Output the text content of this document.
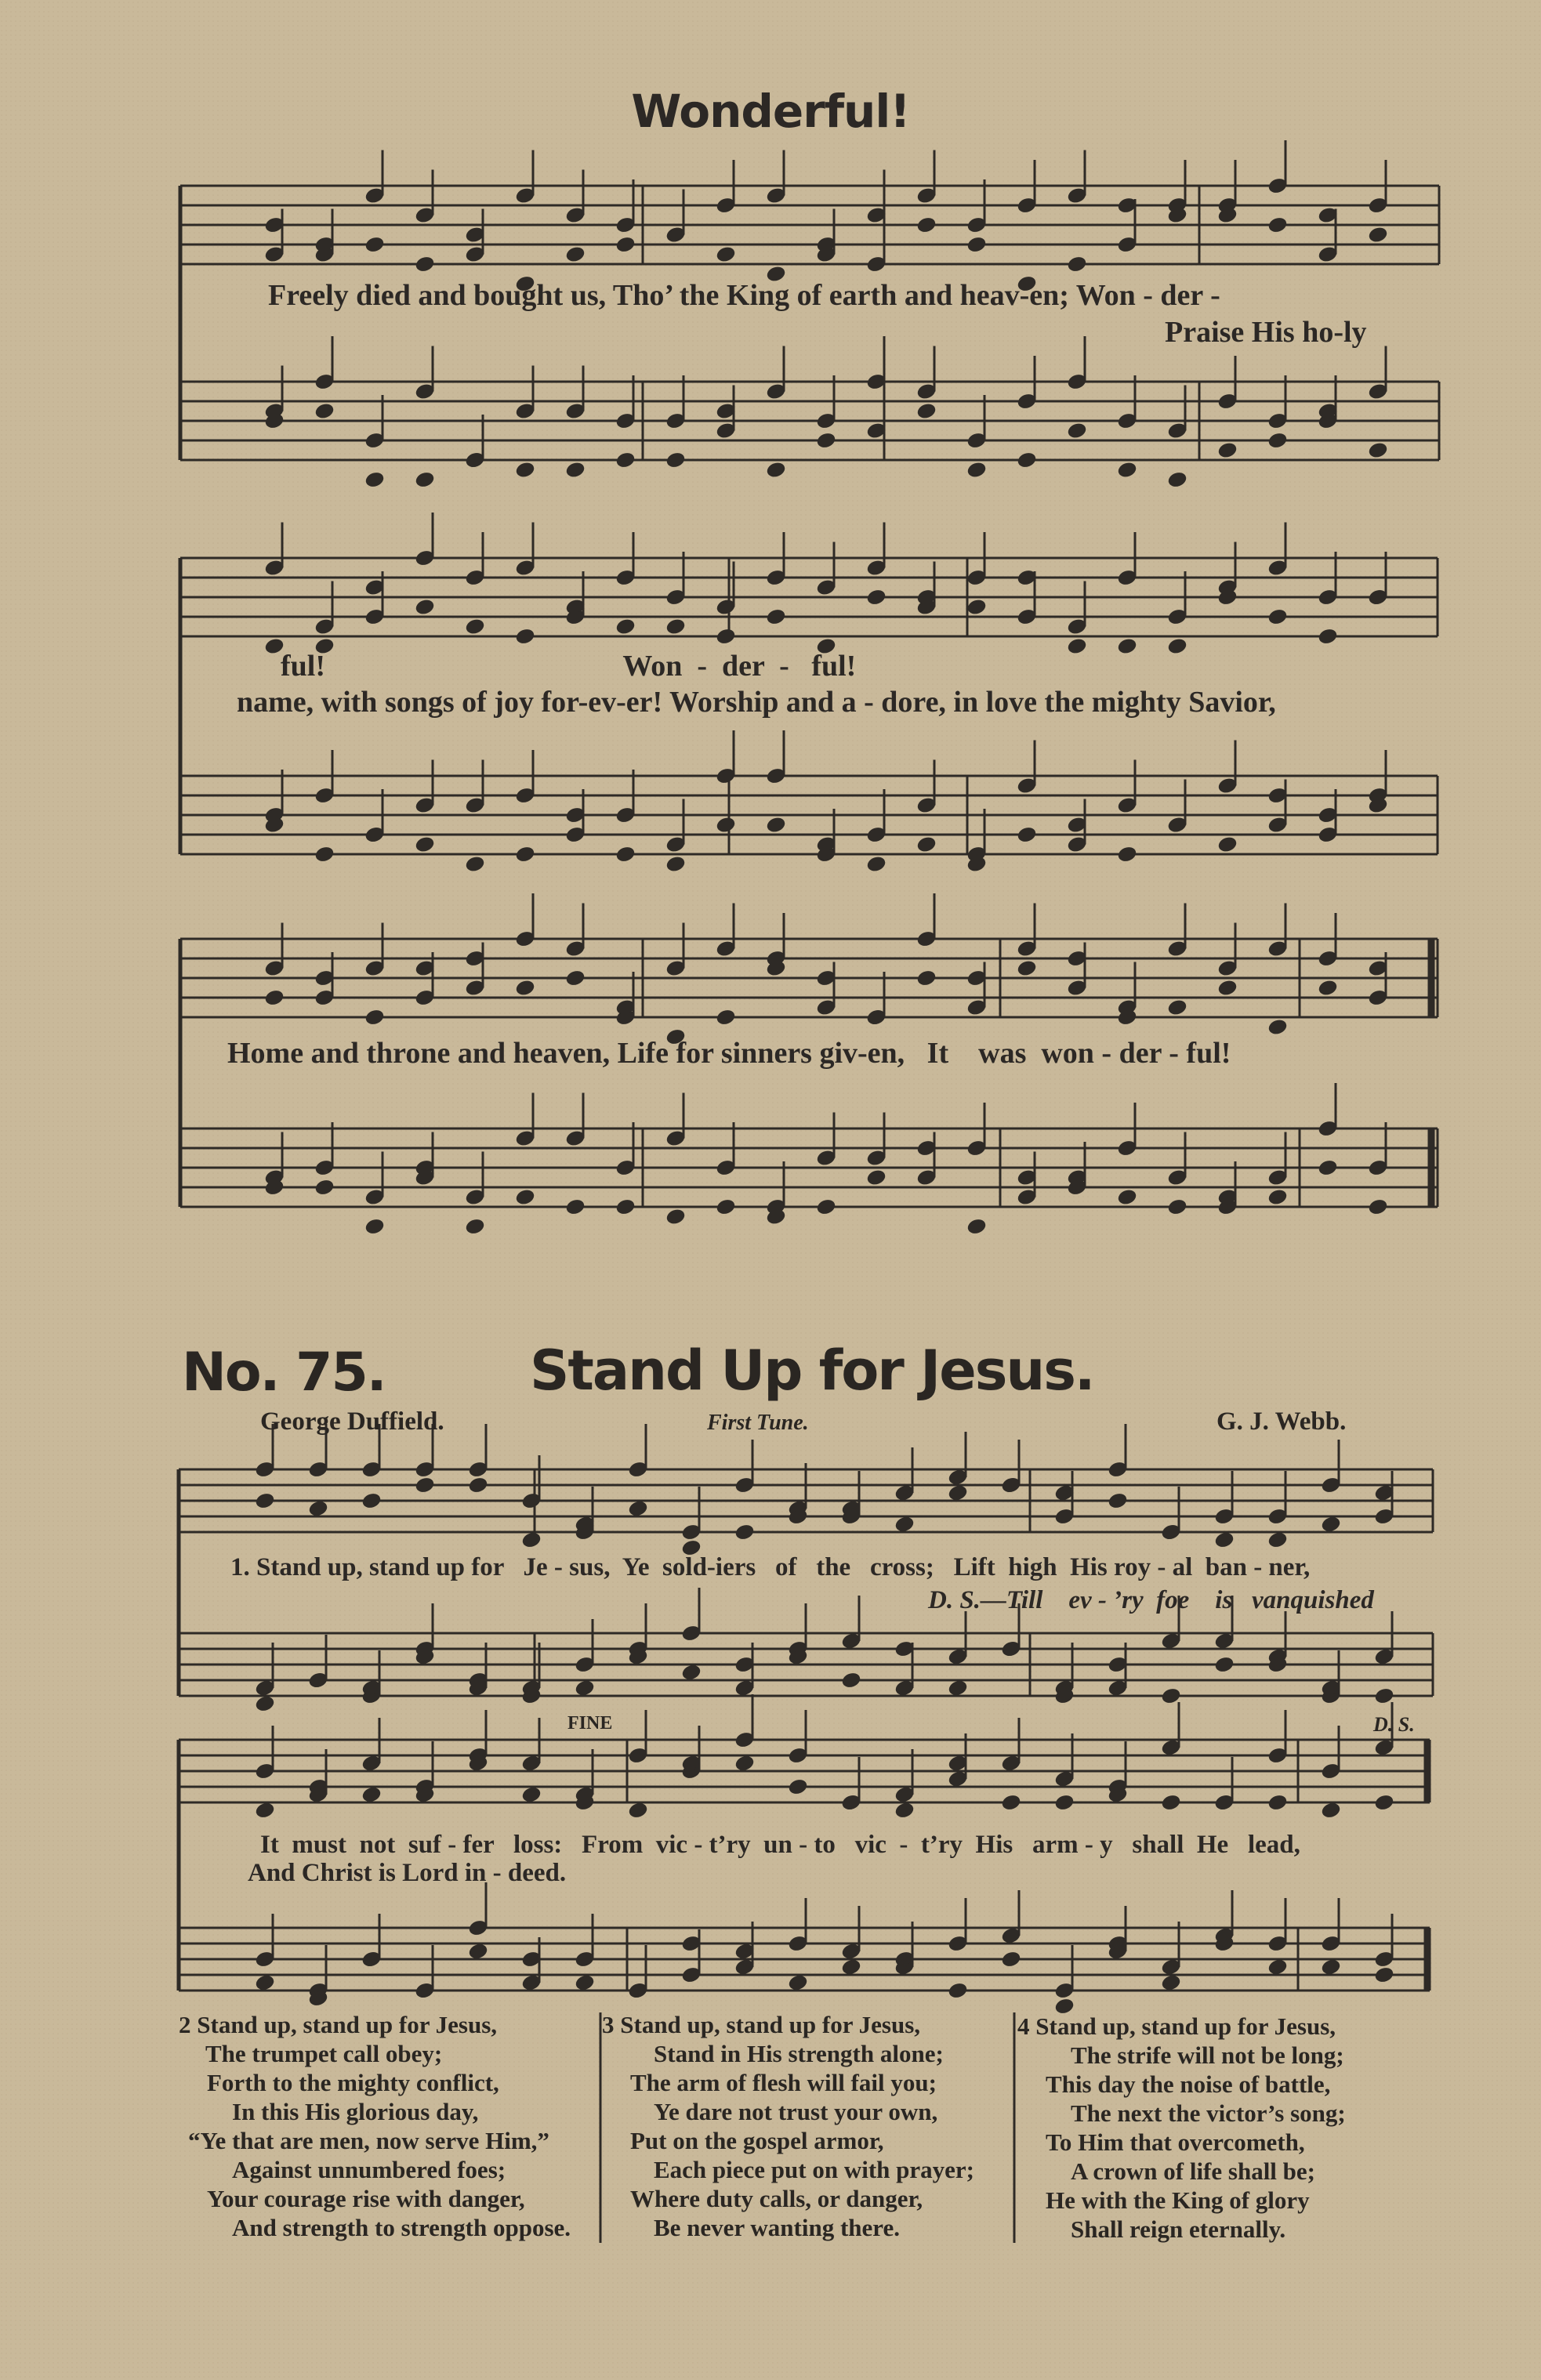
Wonderful!
Freely died and bought us, Tho’ the King of earth and heav-en; Won - der -
Praise His ho-ly
ful!                                        Won  -  der  -   ful!
name, with songs of joy for-ev-er! Worship and a - dore, in love the mighty Savior,
Home and throne and heaven, Life for sinners giv-en,   It    was  won - der - ful!
No. 75.	Stand Up for Jesus.
George Duffield.	First Tune.	G. J. Webb.
1. Stand up, stand up for   Je - sus,  Ye  sold-iers   of   the   cross;   Lift  high  His roy - al  ban - ner,
D. S.—Till    ev - ’ry  foe    is   vanquished
FINE	D. S.
It  must  not  suf - fer   loss:   From  vic - t’ry  un - to   vic  -  t’ry  His   arm - y   shall  He   lead,
And Christ is Lord in - deed.
2 Stand up, stand up for Jesus,
The trumpet call obey;
Forth to the mighty conflict,
In this His glorious day,
“Ye that are men, now serve Him,”
Against unnumbered foes;
Your courage rise with danger,
And strength to strength oppose.
3 Stand up, stand up for Jesus,
Stand in His strength alone;
The arm of flesh will fail you;
Ye dare not trust your own,
Put on the gospel armor,
Each piece put on with prayer;
Where duty calls, or danger,
Be never wanting there.
4 Stand up, stand up for Jesus,
The strife will not be long;
This day the noise of battle,
The next the victor’s song;
To Him that overcometh,
A crown of life shall be;
He with the King of glory
Shall reign eternally.
